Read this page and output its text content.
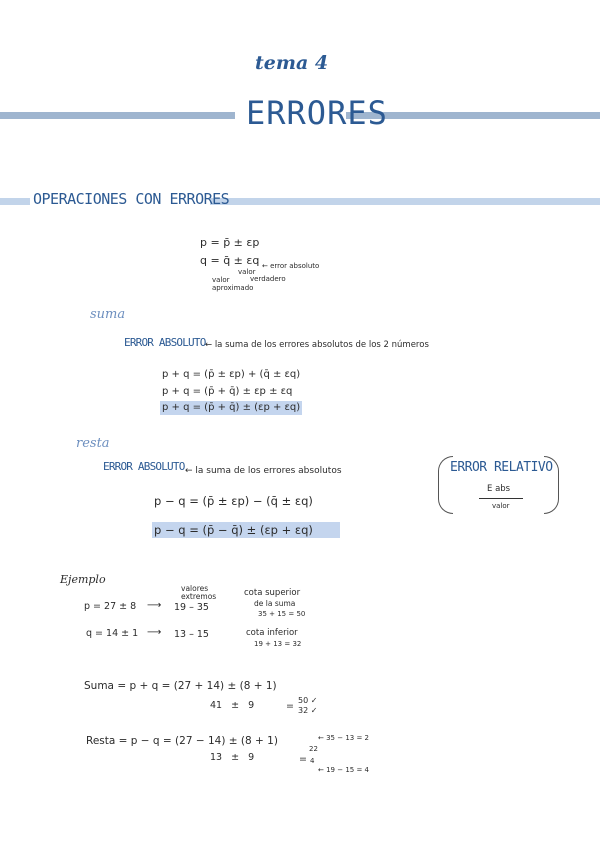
tema 4
ERRORES
OPERACIONES CON ERRORES
p = p̄ ± εp
q = q̄ ± εq ← error absoluto
valor
verdadero
valor
aproximado
suma
ERROR ABSOLUTO ← la suma de los errores absolutos de los 2 números
p + q = (p̄ ± εp) + (q̄ ± εq)
p + q = (p̄ + q̄) ± εp ± εq
p + q = (p̄ + q̄) ± (εp + εq)
resta
ERROR ABSOLUTO ← la suma de los errores absolutos
p − q = (p̄ ± εp) − (q̄ ± εq)
p − q = (p̄ − q̄) ± (εp + εq)
ERROR RELATIVO
E abs
valor
Ejemplo
valores
extremos
p = 27 ± 8 ⟶ 19 – 35
cota superior
de la suma
35 + 15 = 50
q = 14 ± 1 ⟶ 13 – 15	cota inferior
19 + 13 = 32
Suma = p + q = (27 + 14) ± (8 + 1)
41   ±   9	=
50 ✓
32 ✓
Resta = p − q = (27 − 14) ± (8 + 1)
13   ±   9	=
22
4
← 35 − 13 = 2
← 19 − 15 = 4
